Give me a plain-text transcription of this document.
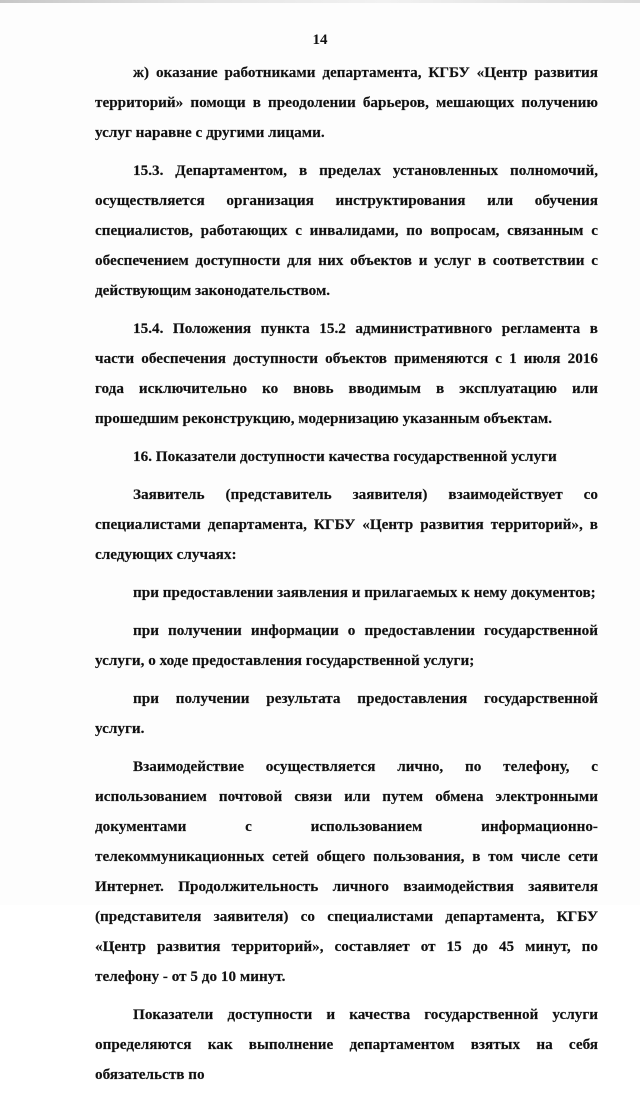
14

ж) оказание работниками департамента, КГБУ «Центр развития территорий» помощи в преодолении барьеров, мешающих получению услуг наравне с другими лицами.

15.3. Департаментом, в пределах установленных полномочий, осуществляется организация инструктирования или обучения специалистов, работающих с инвалидами, по вопросам, связанным с обеспечением доступности для них объектов и услуг в соответствии с действующим законодательством.

15.4. Положения пункта 15.2 административного регламента в части обеспечения доступности объектов применяются с 1 июля 2016 года исключительно ко вновь вводимым в эксплуатацию или прошедшим реконструкцию, модернизацию указанным объектам.

16. Показатели доступности качества государственной услуги

Заявитель (представитель заявителя) взаимодействует со специалистами департамента, КГБУ «Центр развития территорий», в следующих случаях:

при предоставлении заявления и прилагаемых к нему документов;

при получении информации о предоставлении государственной услуги, о ходе предоставления государственной услуги;

при получении результата предоставления государственной услуги.

Взаимодействие осуществляется лично, по телефону, с использованием почтовой связи или путем обмена электронными документами с использованием информационно-телекоммуникационных сетей общего пользования, в том числе сети Интернет. Продолжительность личного взаимодействия заявителя (представителя заявителя) со специалистами департамента, КГБУ «Центр развития территорий», составляет от 15 до 45 минут, по телефону - от 5 до 10 минут.

Показатели доступности и качества государственной услуги определяются как выполнение департаментом взятых на себя обязательств по
